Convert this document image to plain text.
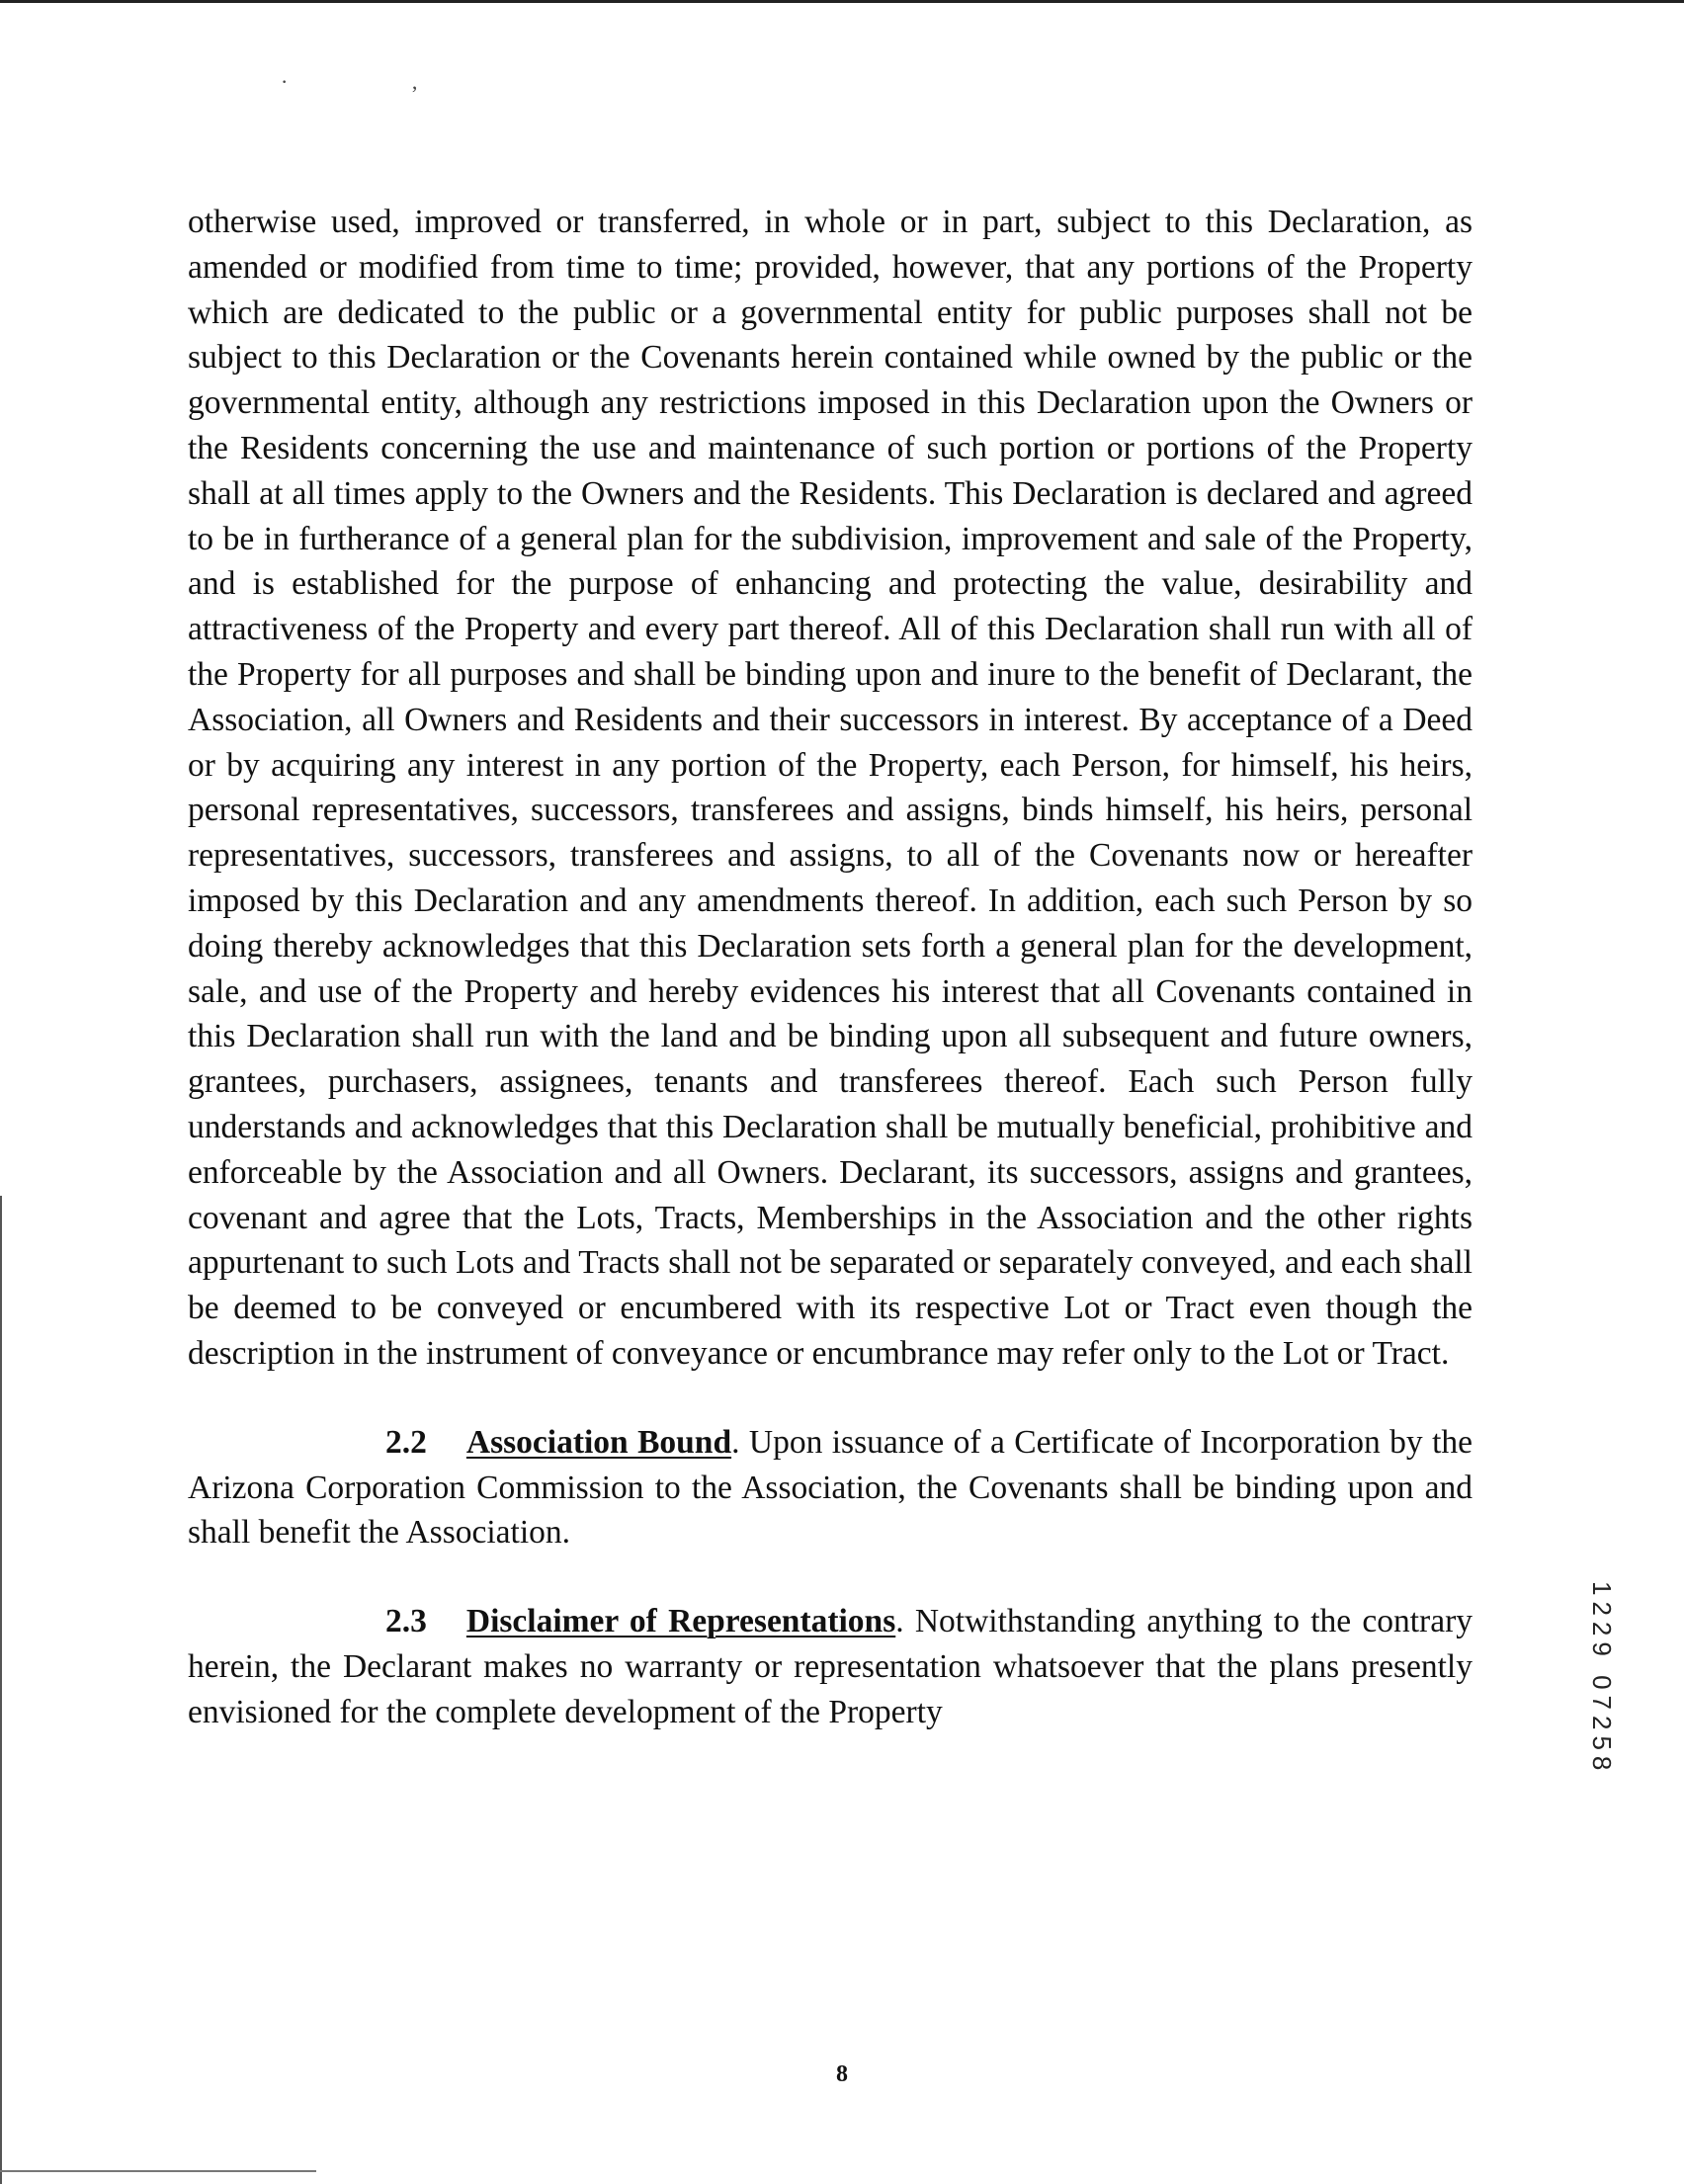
· ,

otherwise used, improved or transferred, in whole or in part, subject to this Declaration, as amended or modified from time to time; provided, however, that any portions of the Property which are dedicated to the public or a governmental entity for public purposes shall not be subject to this Declaration or the Covenants herein contained while owned by the public or the governmental entity, although any restrictions imposed in this Declaration upon the Owners or the Residents concerning the use and maintenance of such portion or portions of the Property shall at all times apply to the Owners and the Residents. This Declaration is declared and agreed to be in furtherance of a general plan for the subdivision, improvement and sale of the Property, and is established for the purpose of enhancing and protecting the value, desirability and attractiveness of the Property and every part thereof. All of this Declaration shall run with all of the Property for all purposes and shall be binding upon and inure to the benefit of Declarant, the Association, all Owners and Residents and their successors in interest. By acceptance of a Deed or by acquiring any interest in any portion of the Property, each Person, for himself, his heirs, personal representatives, successors, transferees and assigns, binds himself, his heirs, personal representatives, successors, transferees and assigns, to all of the Covenants now or hereafter imposed by this Declaration and any amendments thereof. In addition, each such Person by so doing thereby acknowledges that this Declaration sets forth a general plan for the development, sale, and use of the Property and hereby evidences his interest that all Covenants contained in this Declaration shall run with the land and be binding upon all subsequent and future owners, grantees, purchasers, assignees, tenants and transferees thereof. Each such Person fully understands and acknowledges that this Declaration shall be mutually beneficial, prohibitive and enforceable by the Association and all Owners. Declarant, its successors, assigns and grantees, covenant and agree that the Lots, Tracts, Memberships in the Association and the other rights appurtenant to such Lots and Tracts shall not be separated or separately conveyed, and each shall be deemed to be conveyed or encumbered with its respective Lot or Tract even though the description in the instrument of conveyance or encumbrance may refer only to the Lot or Tract.

2.2 Association Bound. Upon issuance of a Certificate of Incorporation by the Arizona Corporation Commission to the Association, the Covenants shall be binding upon and shall benefit the Association.

2.3 Disclaimer of Representations. Notwithstanding anything to the contrary herein, the Declarant makes no warranty or representation whatsoever that the plans presently envisioned for the complete development of the Property	1229 07258
8
